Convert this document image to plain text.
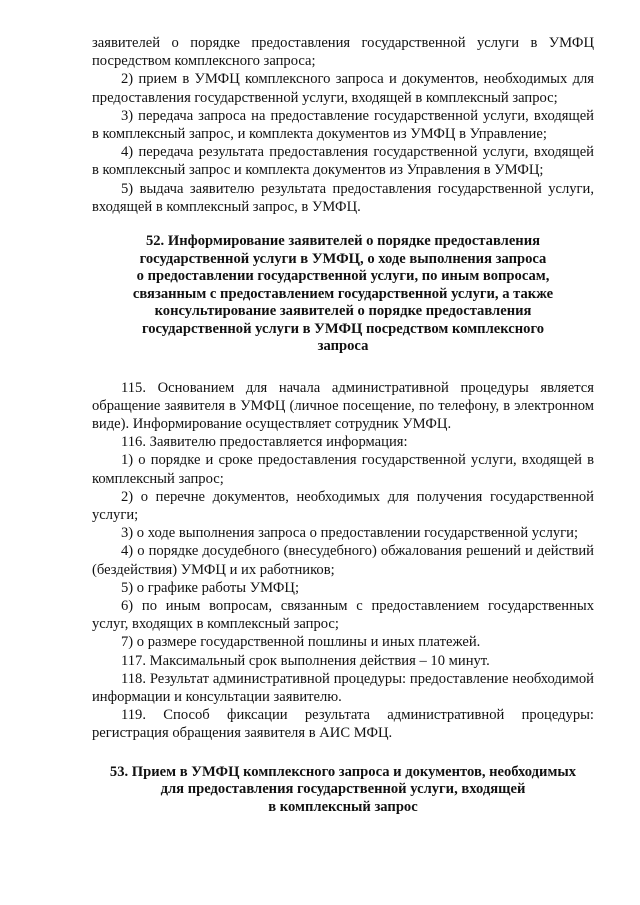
заявителей о порядке предоставления государственной услуги в УМФЦ посредством комплексного запроса;

2) прием в УМФЦ комплексного запроса и документов, необходимых для предоставления государственной услуги, входящей в комплексный запрос;

3) передача запроса на предоставление государственной услуги, входящей в комплексный запрос, и комплекта документов из УМФЦ в Управление;

4) передача результата предоставления государственной услуги, входящей в комплексный запрос и комплекта документов из Управления в УМФЦ;

5) выдача заявителю результата предоставления государственной услуги, входящей в комплексный запрос, в УМФЦ.

52. Информирование заявителей о порядке предоставления
государственной услуги в УМФЦ, о ходе выполнения запроса
о предоставлении государственной услуги, по иным вопросам,
связанным с предоставлением государственной услуги, а также
консультирование заявителей о порядке предоставления
государственной услуги в УМФЦ посредством комплексного
запроса

115. Основанием для начала административной процедуры является обращение заявителя в УМФЦ (личное посещение, по телефону, в электронном виде). Информирование осуществляет сотрудник УМФЦ.

116. Заявителю предоставляется информация:

1) о порядке и сроке предоставления государственной услуги, входящей в комплексный запрос;

2) о перечне документов, необходимых для получения государственной услуги;

3) о ходе выполнения запроса о предоставлении государственной услуги;

4) о порядке досудебного (внесудебного) обжалования решений и действий (бездействия) УМФЦ и их работников;

5) о графике работы УМФЦ;

6) по иным вопросам, связанным с предоставлением государственных услуг, входящих в комплексный запрос;

7) о размере государственной пошлины и иных платежей.

117. Максимальный срок выполнения действия – 10 минут.

118. Результат административной процедуры: предоставление необходимой информации и консультации заявителю.

119. Способ фиксации результата административной процедуры: регистрация обращения заявителя в АИС МФЦ.

53. Прием в УМФЦ комплексного запроса и документов, необходимых
для предоставления государственной услуги, входящей
в комплексный запрос
